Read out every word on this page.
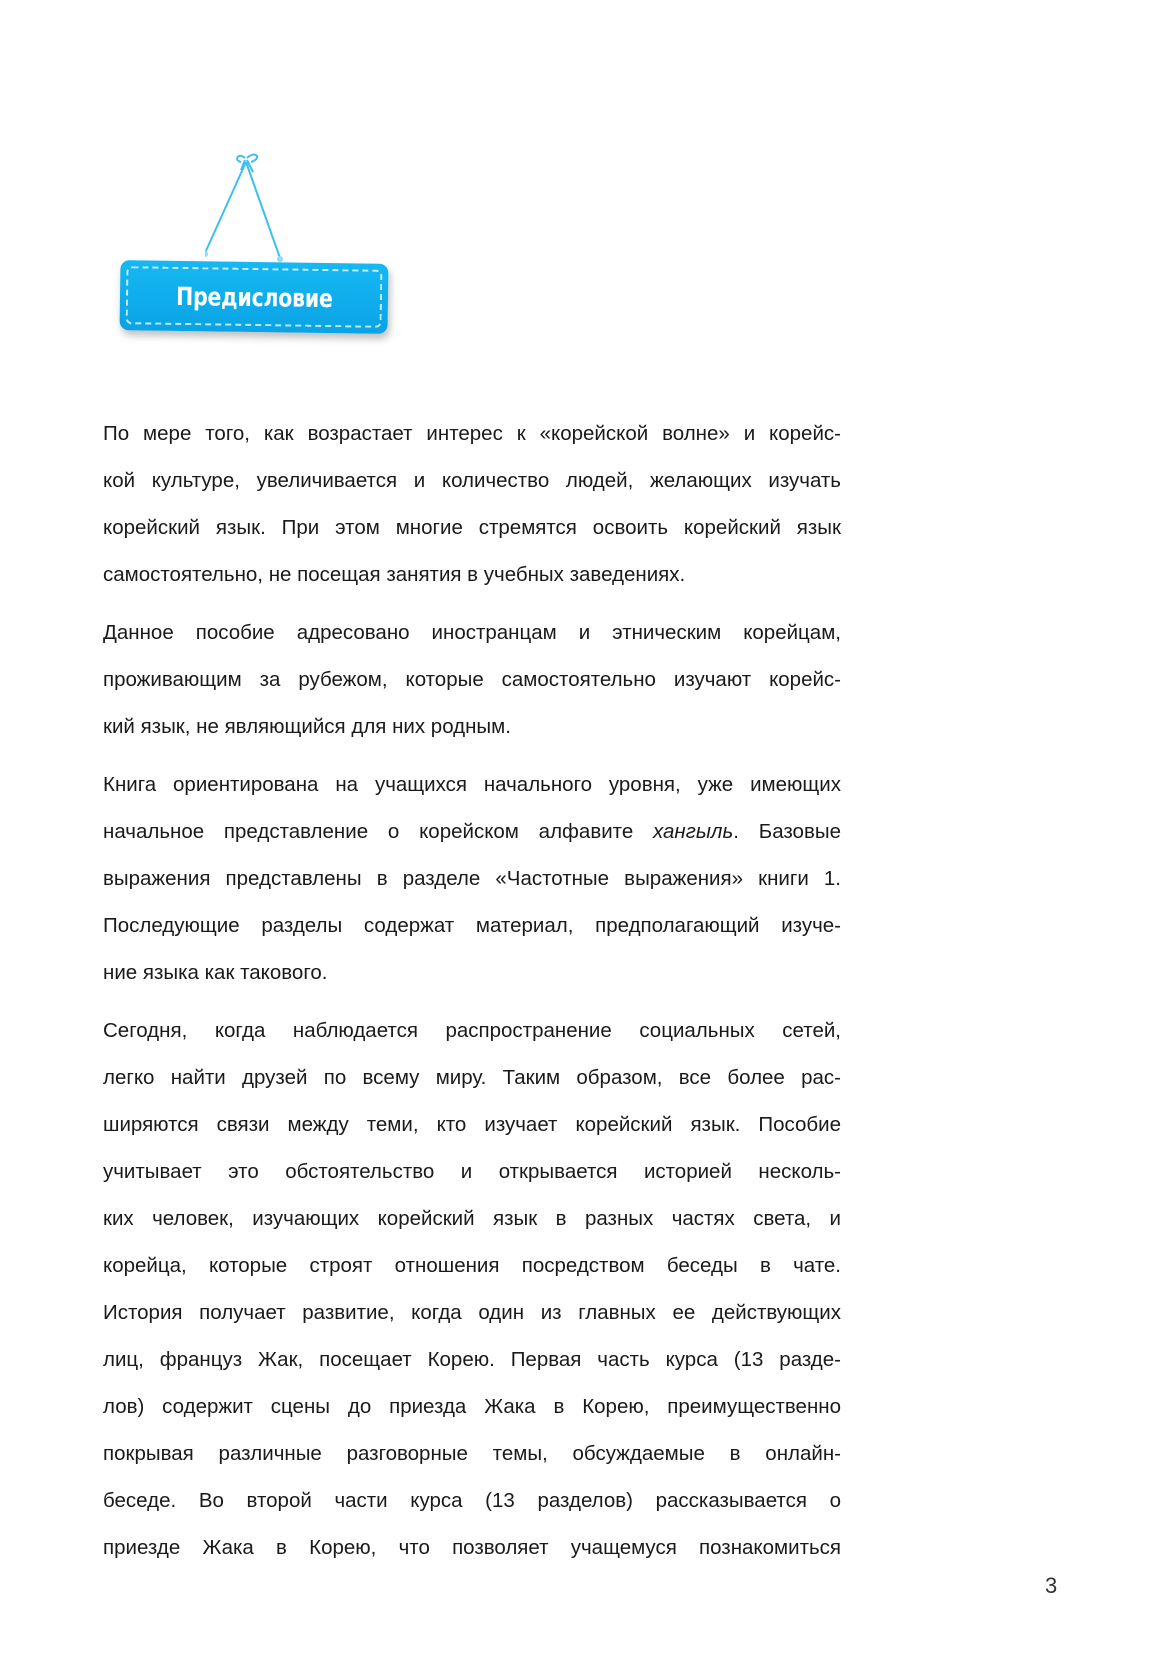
Предисловие

По мере того, как возрастает интерес к «корейской волне» и корейс-
кой культуре, увеличивается и количество людей, желающих изучать
корейский язык. При этом многие стремятся освоить корейский язык
самостоятельно, не посещая занятия в учебных заведениях.

Данное пособие адресовано иностранцам и этническим корейцам,
проживающим за рубежом, которые самостоятельно изучают корейс-
кий язык, не являющийся для них родным.

Книга ориентирована на учащихся начального уровня, уже имеющих
начальное представление о корейском алфавите хангыль. Базовые
выражения представлены в разделе «Частотные выражения» книги 1.
Последующие разделы содержат материал, предполагающий изуче-
ние языка как такового.

Сегодня, когда наблюдается распространение социальных сетей,
легко найти друзей по всему миру. Таким образом, все более рас-
ширяются связи между теми, кто изучает корейский язык. Пособие
учитывает это обстоятельство и открывается историей несколь-
ких человек, изучающих корейский язык в разных частях света, и
корейца, которые строят отношения посредством беседы в чате.
История получает развитие, когда один из главных ее действующих
лиц, француз Жак, посещает Корею. Первая часть курса (13 разде-
лов) содержит сцены до приезда Жака в Корею, преимущественно
покрывая различные разговорные темы, обсуждаемые в онлайн-
беседе. Во второй части курса (13 разделов) рассказывается о
приезде Жака в Корею, что позволяет учащемуся познакомиться

3
